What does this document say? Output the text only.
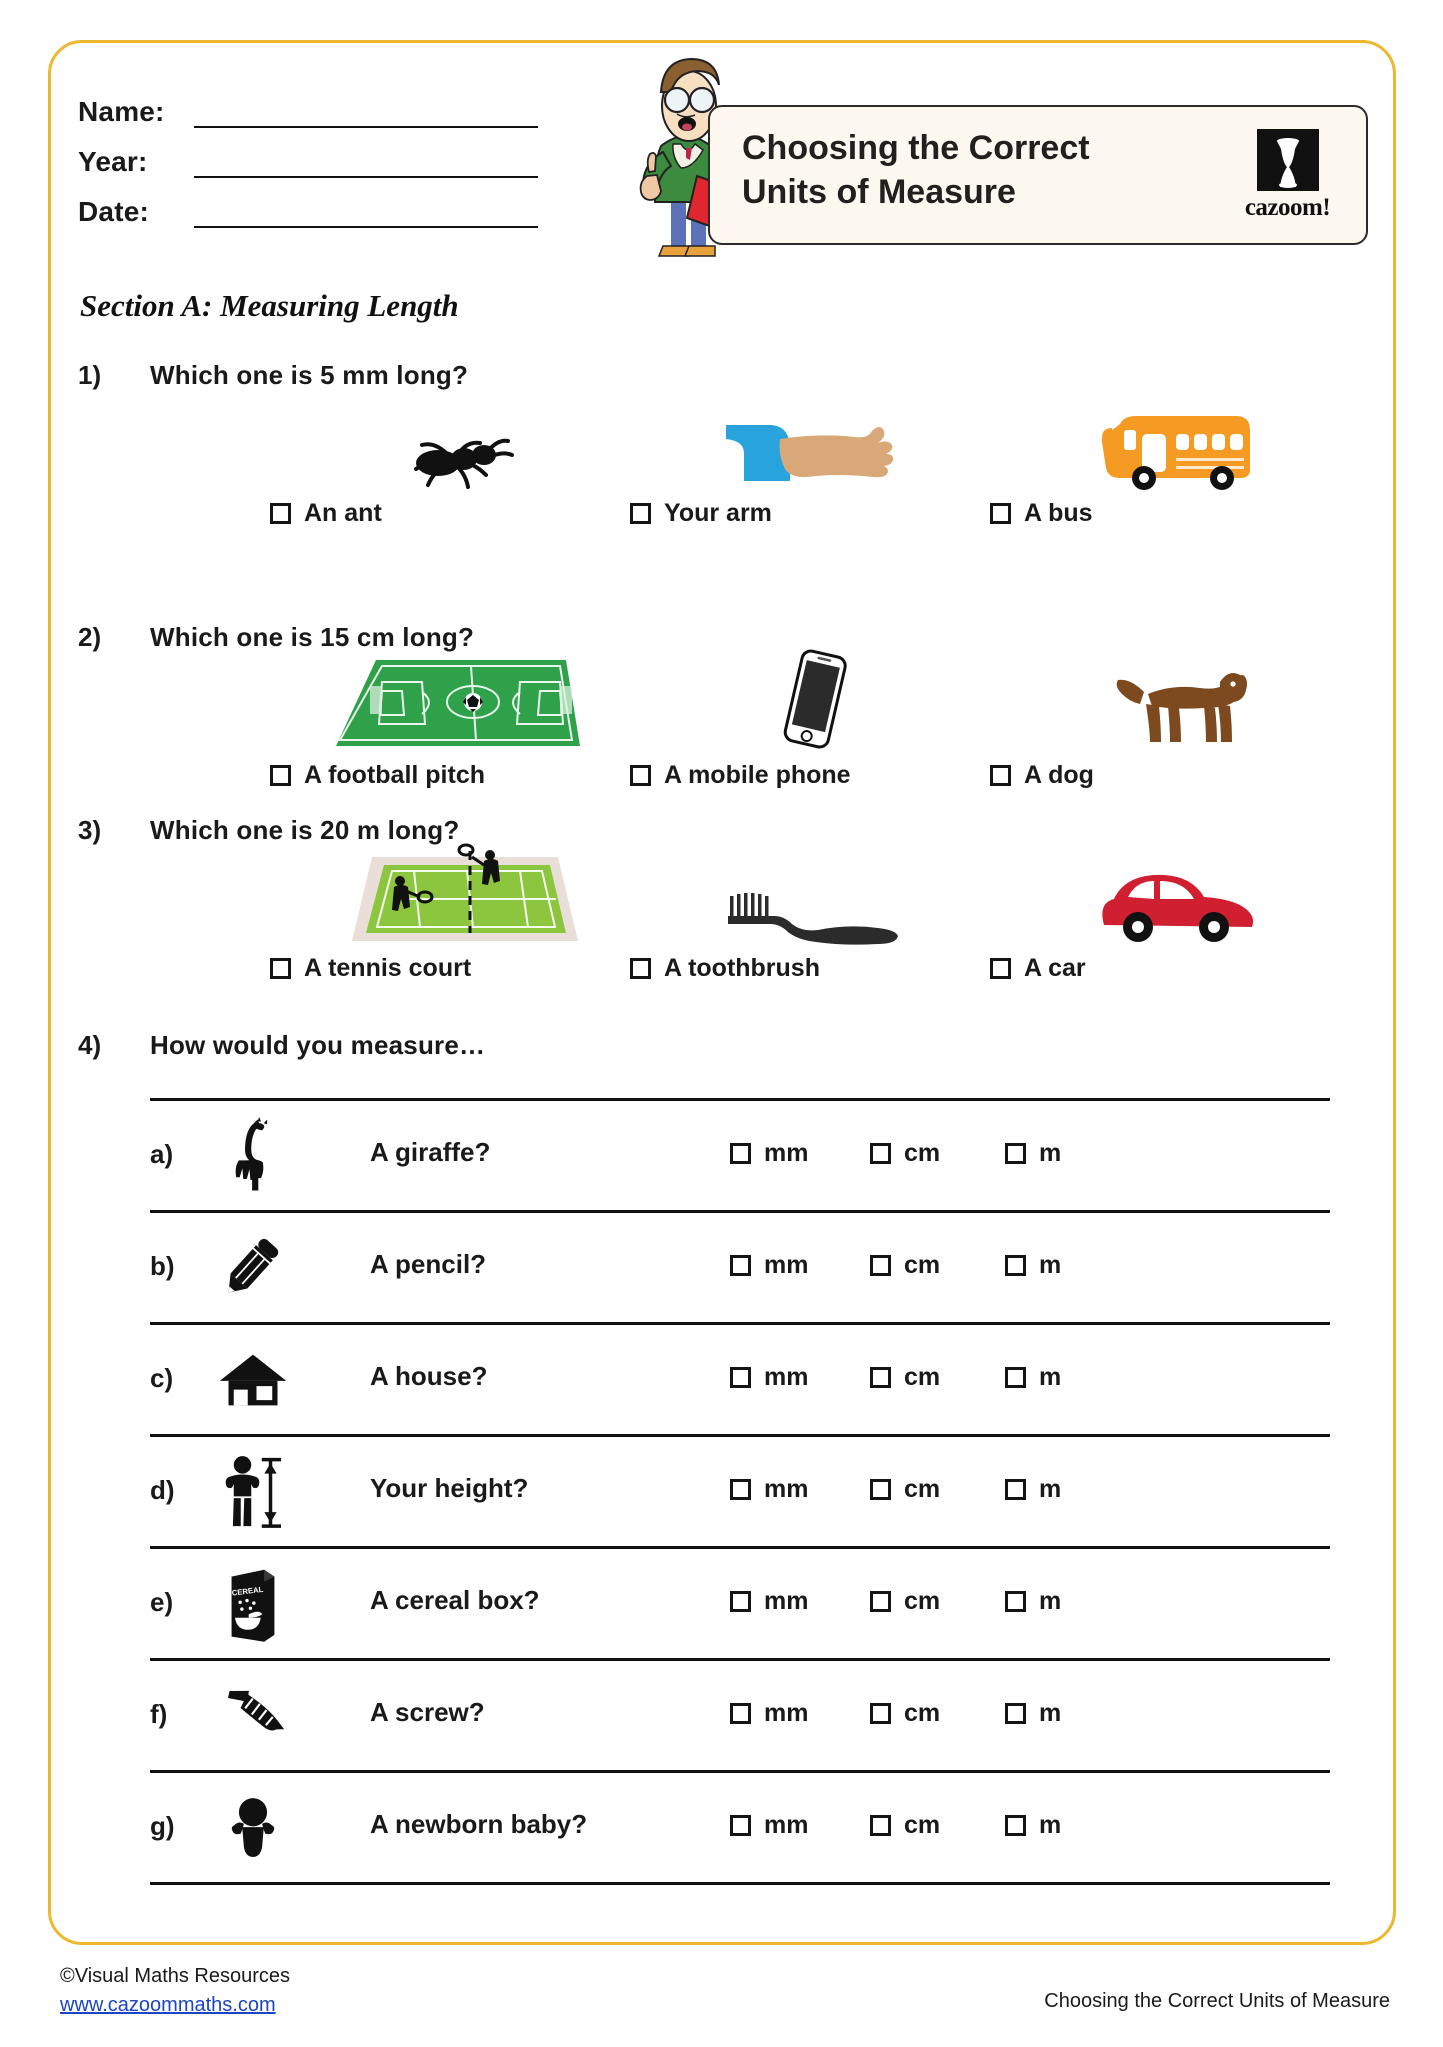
Name:
Year:
Date:
Choosing the Correct Units of Measure	cazoom!
Section A: Measuring Length
1) Which one is 5 mm long?
An ant	Your arm	A bus
2) Which one is 15 cm long?
A football pitch	A mobile phone	A dog
3) Which one is 20 m long?
A tennis court	A toothbrush	A car
4) How would you measure…
a)	A giraffe?	mm	cm	m
b)	A pencil?	mm	cm	m
c)	A house?	mm	cm	m
d)	Your height?	mm	cm	m
e)	CEREAL	A cereal box?	mm	cm	m
f)	A screw?	mm	cm	m
g)	A newborn baby?	mm	cm	m
©Visual Maths Resources
www.cazoommaths.com	Choosing the Correct Units of Measure
